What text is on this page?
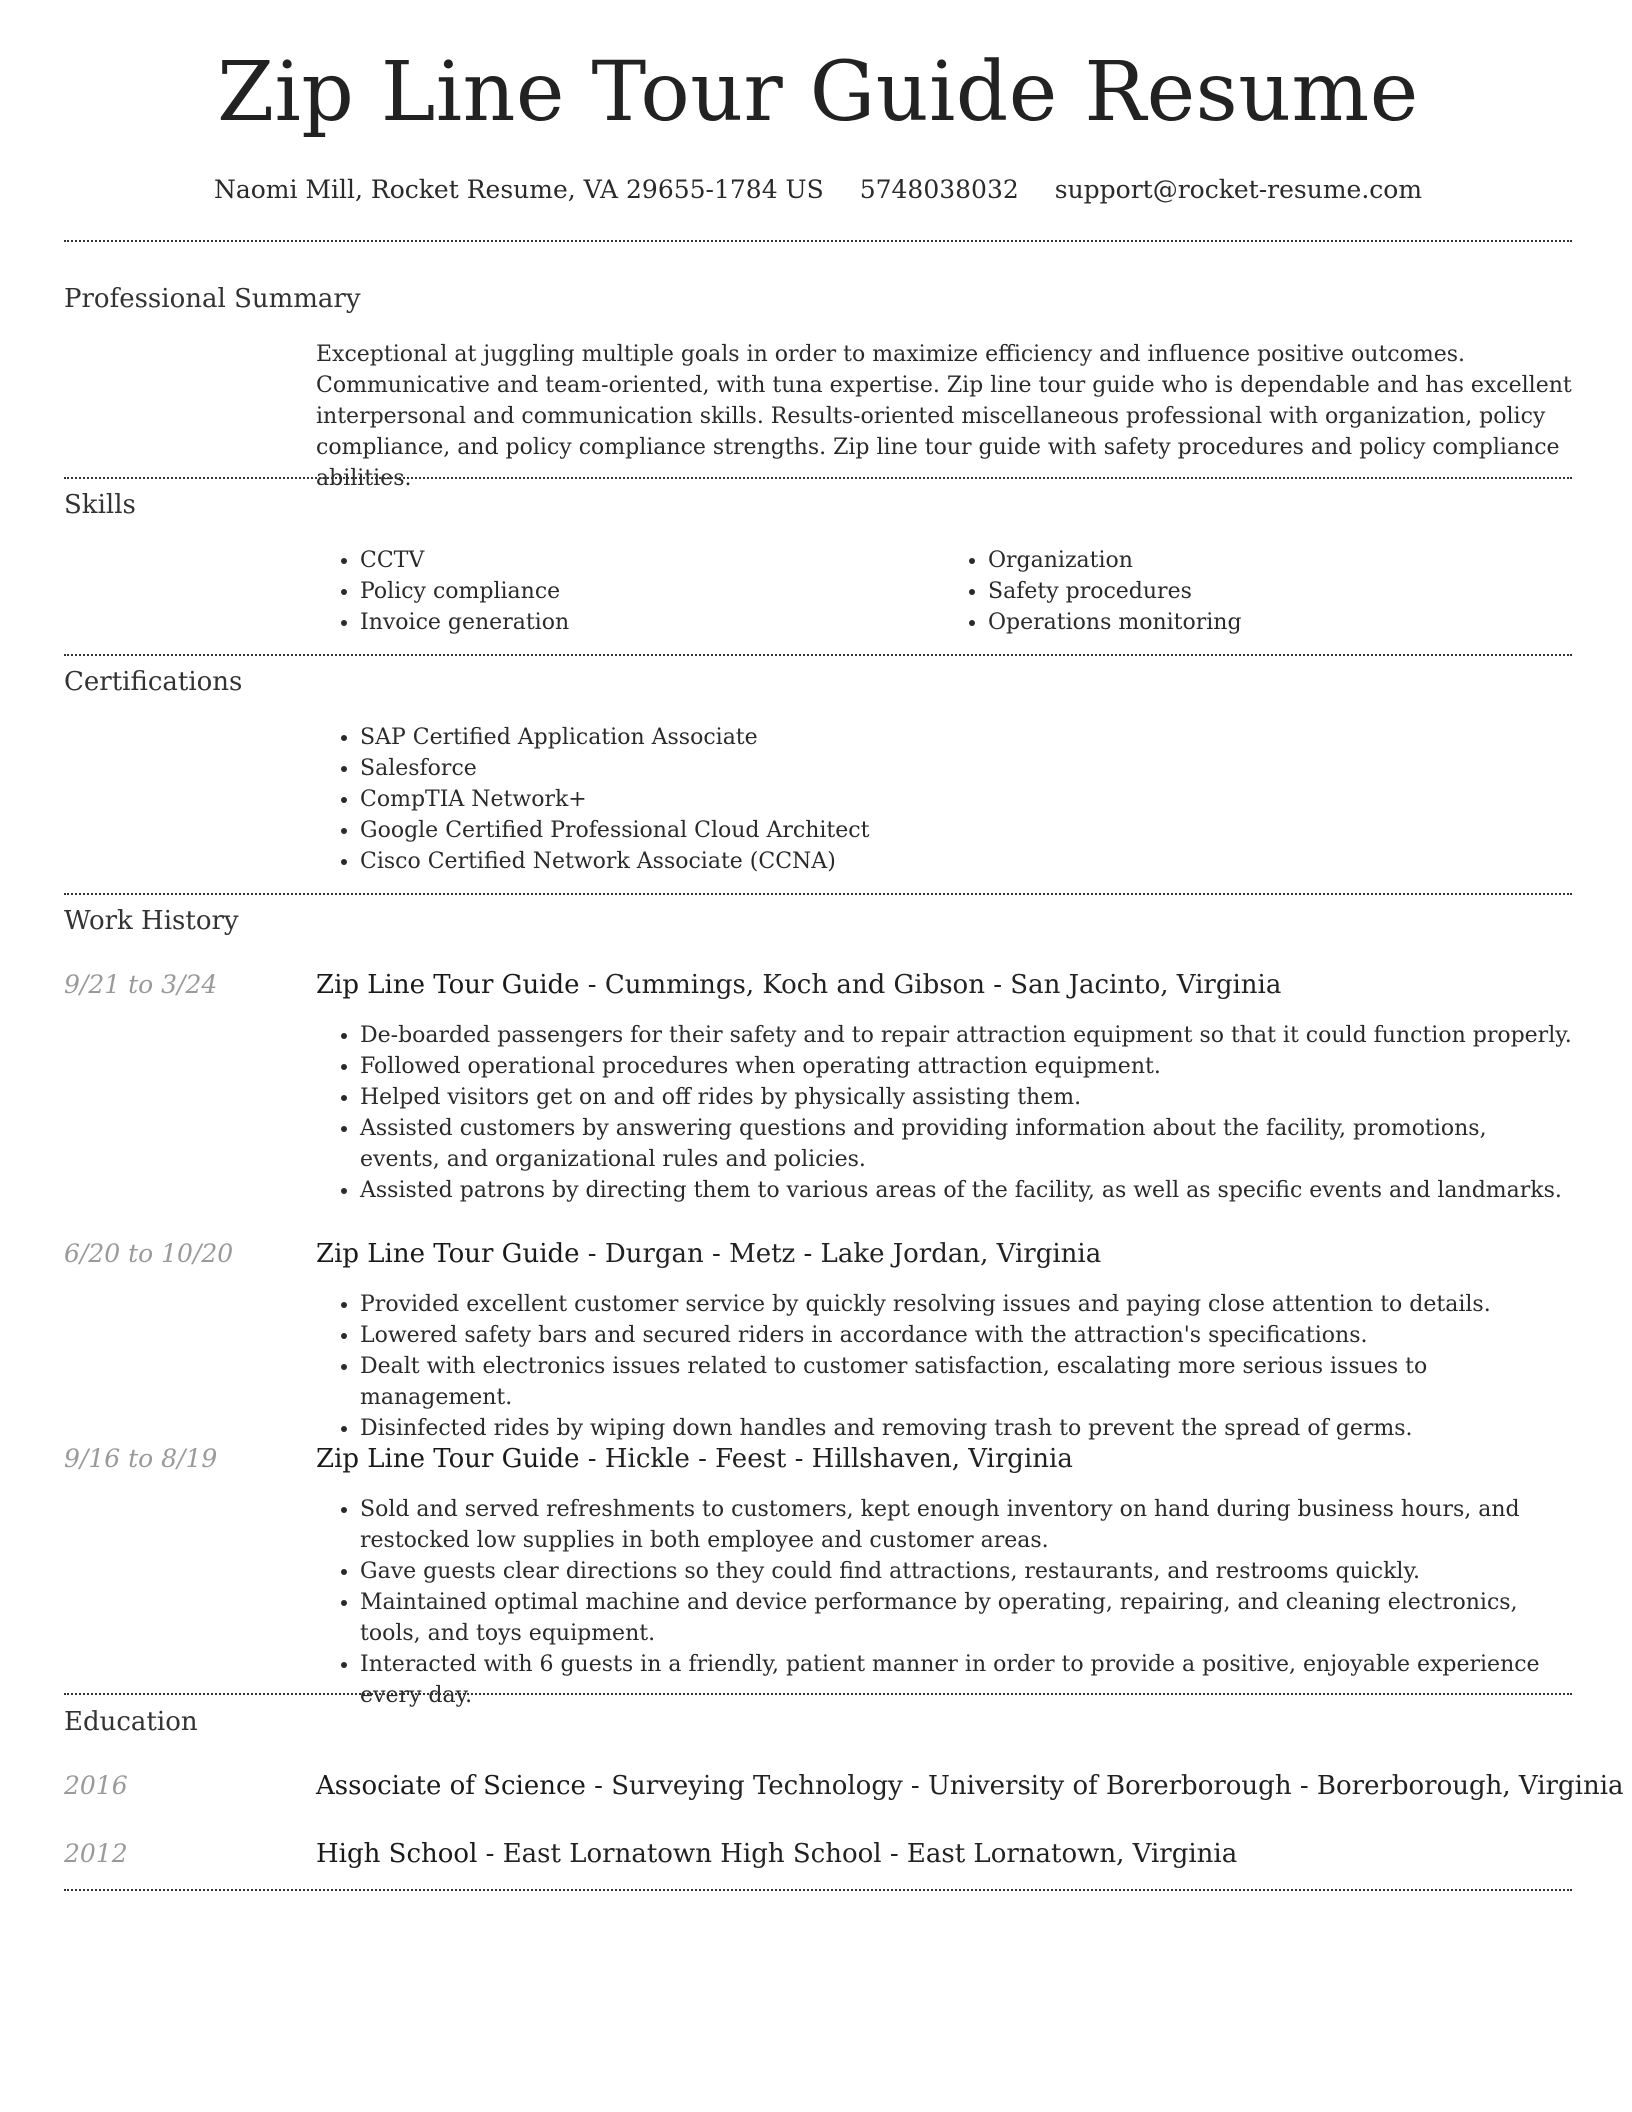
Zip Line Tour Guide Resume
Naomi Mill, Rocket Resume, VA 29655-1784 US 5748038032 support@rocket-resume.com
Professional Summary
Exceptional at juggling multiple goals in order to maximize efficiency and influence positive outcomes. Communicative and team-oriented, with tuna expertise. Zip line tour guide who is dependable and has excellent interpersonal and communication skills. Results-oriented miscellaneous professional with organization, policy compliance, and policy compliance strengths. Zip line tour guide with safety procedures and policy compliance abilities.
Skills
• CCTV
• Policy compliance
• Invoice generation
• Organization
• Safety procedures
• Operations monitoring
Certifications
• SAP Certified Application Associate
• Salesforce
• CompTIA Network+
• Google Certified Professional Cloud Architect
• Cisco Certified Network Associate (CCNA)
Work History
9/21 to 3/24	Zip Line Tour Guide - Cummings, Koch and Gibson - San Jacinto, Virginia
• De-boarded passengers for their safety and to repair attraction equipment so that it could function properly.
• Followed operational procedures when operating attraction equipment.
• Helped visitors get on and off rides by physically assisting them.
• Assisted customers by answering questions and providing information about the facility, promotions, events, and organizational rules and policies.
• Assisted patrons by directing them to various areas of the facility, as well as specific events and landmarks.
6/20 to 10/20	Zip Line Tour Guide - Durgan - Metz - Lake Jordan, Virginia
• Provided excellent customer service by quickly resolving issues and paying close attention to details.
• Lowered safety bars and secured riders in accordance with the attraction's specifications.
• Dealt with electronics issues related to customer satisfaction, escalating more serious issues to management.
• Disinfected rides by wiping down handles and removing trash to prevent the spread of germs.
9/16 to 8/19	Zip Line Tour Guide - Hickle - Feest - Hillshaven, Virginia
• Sold and served refreshments to customers, kept enough inventory on hand during business hours, and restocked low supplies in both employee and customer areas.
• Gave guests clear directions so they could find attractions, restaurants, and restrooms quickly.
• Maintained optimal machine and device performance by operating, repairing, and cleaning electronics, tools, and toys equipment.
• Interacted with 6 guests in a friendly, patient manner in order to provide a positive, enjoyable experience every day.
Education
2016	Associate of Science - Surveying Technology - University of Borerborough - Borerborough, Virginia
2012	High School - East Lornatown High School - East Lornatown, Virginia
